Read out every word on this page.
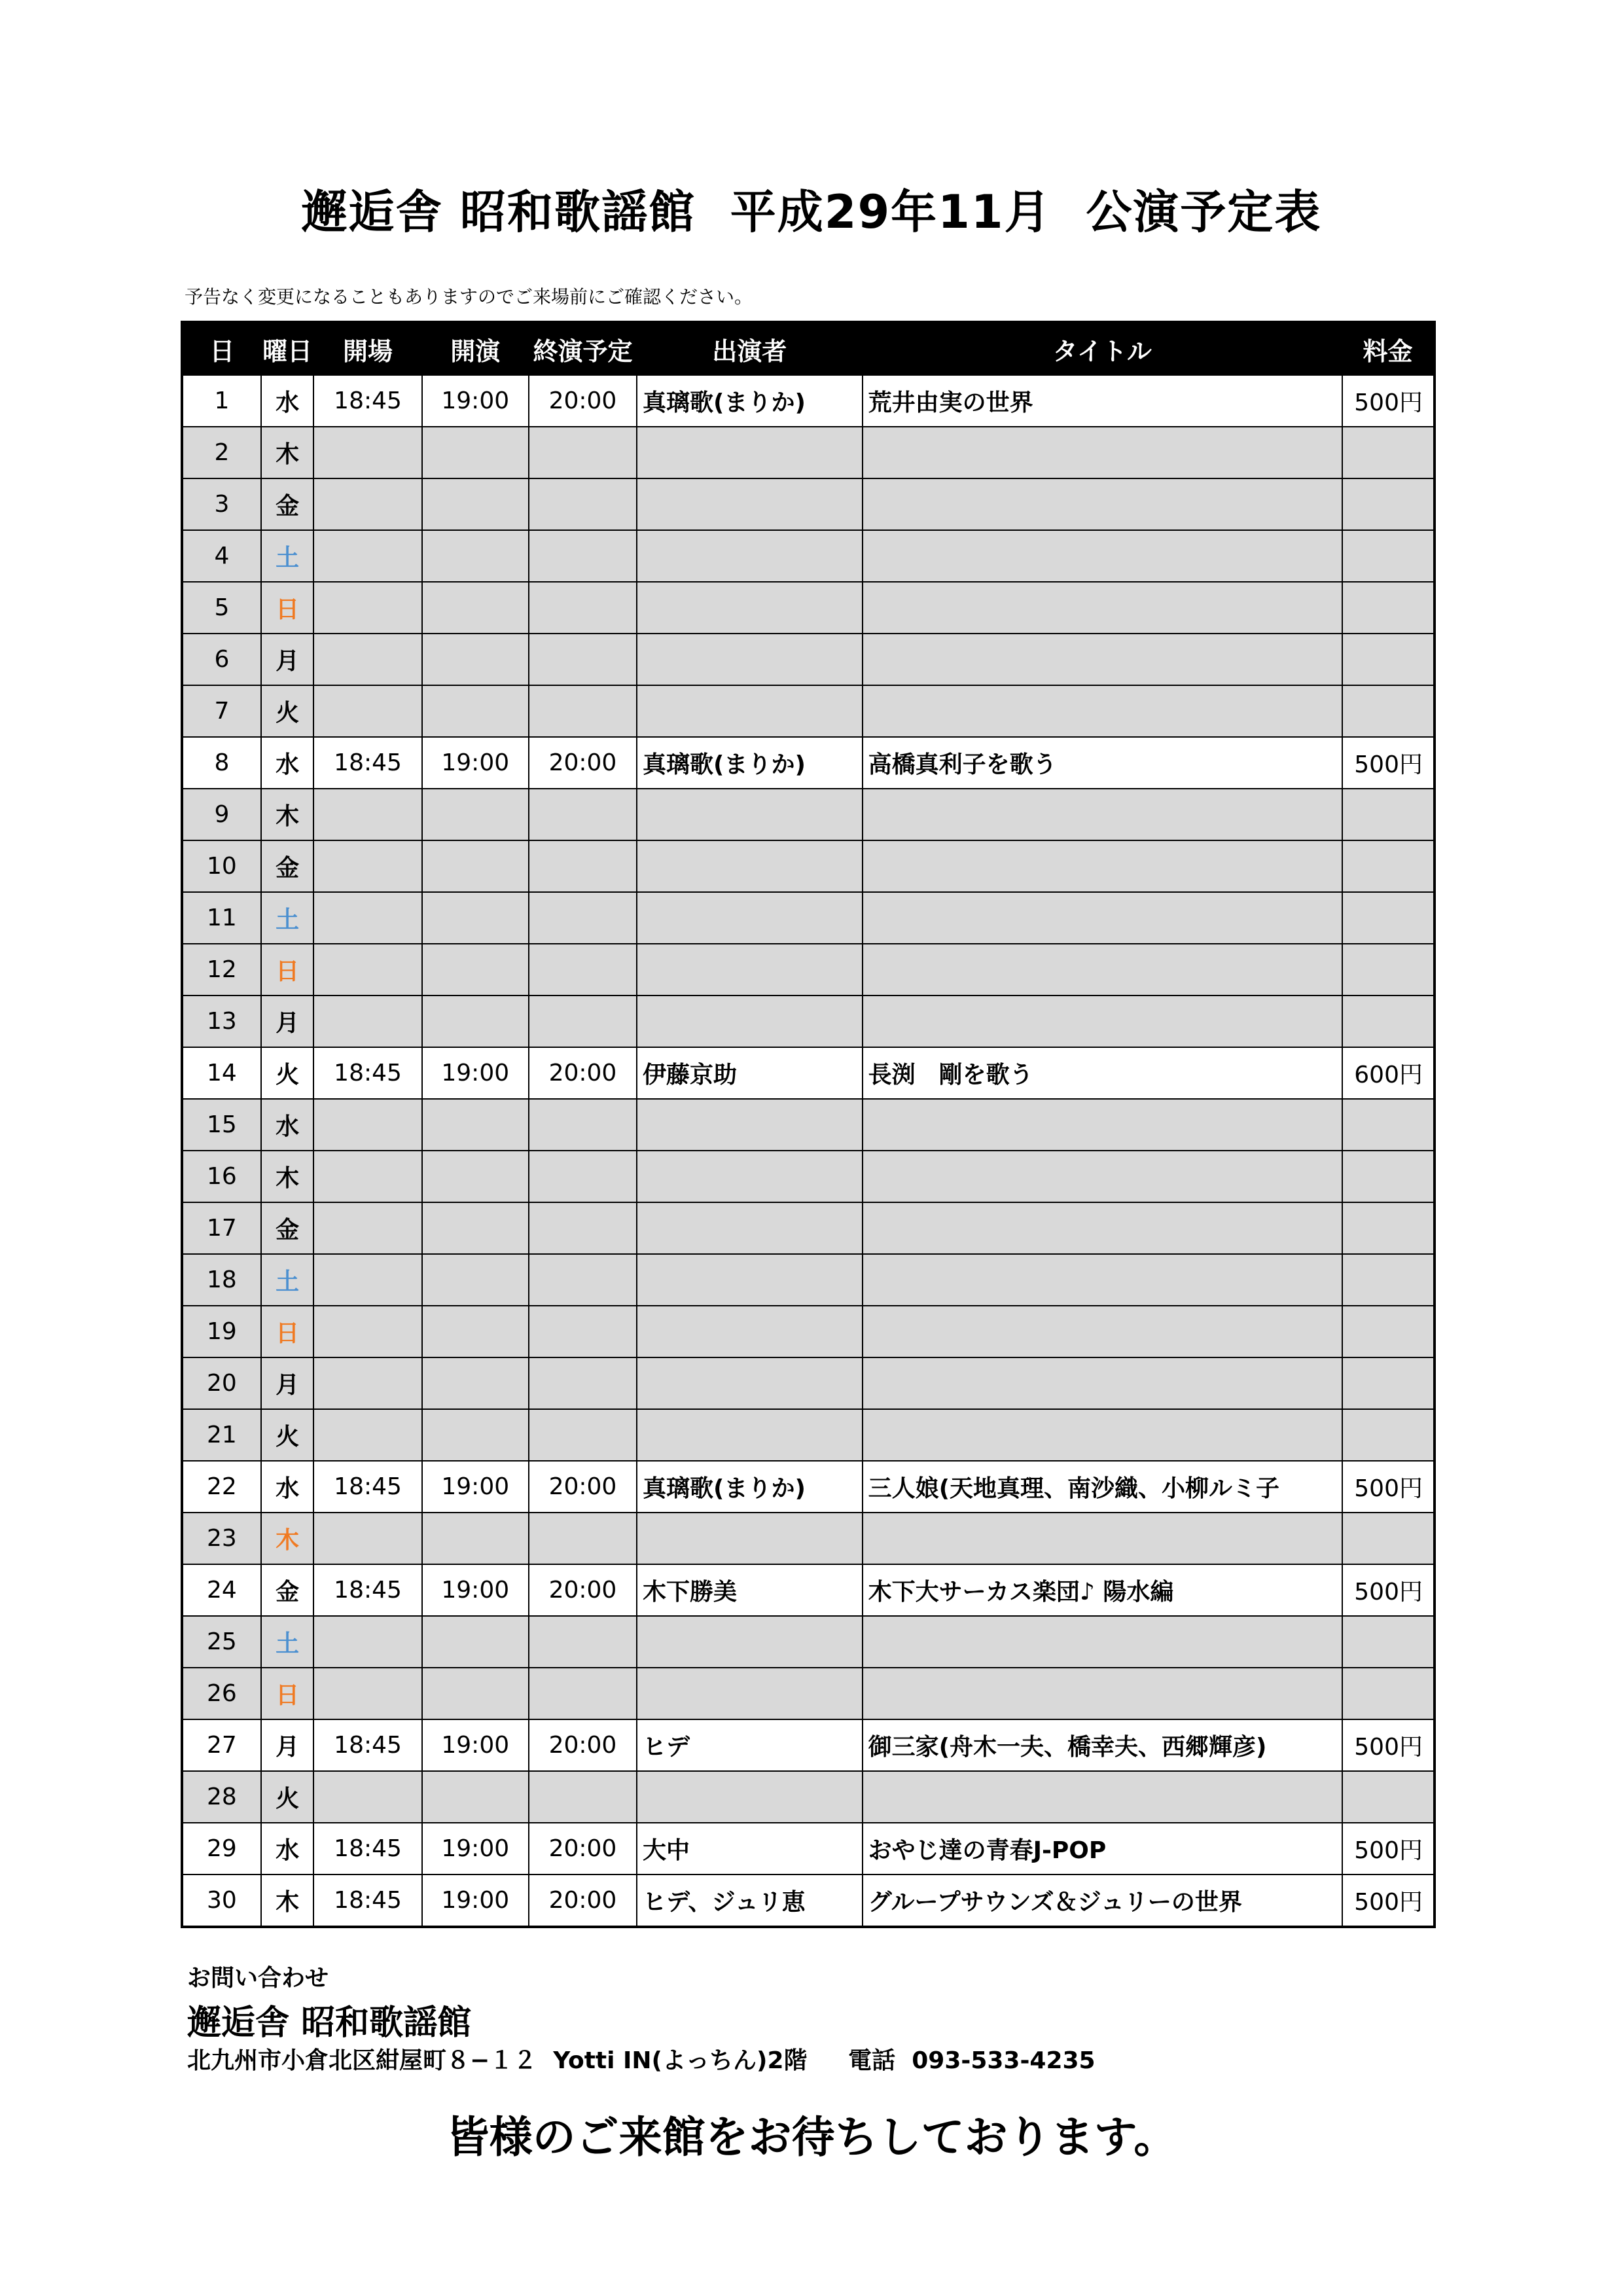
邂逅舎 昭和歌謡館  平成29年11月  公演予定表
予告なく変更になることもありますのでご来場前にご確認ください。
日	曜日	開場	開演	終演予定	出演者	タイトル	料金
1	水	18:45	19:00	20:00	真璃歌(まりか)	荒井由実の世界	500円
2	木						
3	金						
4	土						
5	日						
6	月						
7	火						
8	水	18:45	19:00	20:00	真璃歌(まりか)	高橋真利子を歌う	500円
9	木						
10	金						
11	土						
12	日						
13	月						
14	火	18:45	19:00	20:00	伊藤京助	長渕　剛を歌う	600円
15	水						
16	木						
17	金						
18	土						
19	日						
20	月						
21	火						
22	水	18:45	19:00	20:00	真璃歌(まりか)	三人娘(天地真理、南沙織、小柳ルミ子	500円
23	木						
24	金	18:45	19:00	20:00	木下勝美	木下大サーカス楽団♪ 陽水編	500円
25	土						
26	日						
27	月	18:45	19:00	20:00	ヒデ	御三家(舟木一夫、橋幸夫、西郷輝彦)	500円
28	火						
29	水	18:45	19:00	20:00	大中	おやじ達の青春J-POP	500円
30	木	18:45	19:00	20:00	ヒデ、ジュリ恵	グループサウンズ＆ジュリーの世界	500円
お問い合わせ
邂逅舎 昭和歌謡館
北九州市小倉北区紺屋町８−１２  Yotti IN(よっちん)2階     電話  093-533-4235
皆様のご来館をお待ちしております。
